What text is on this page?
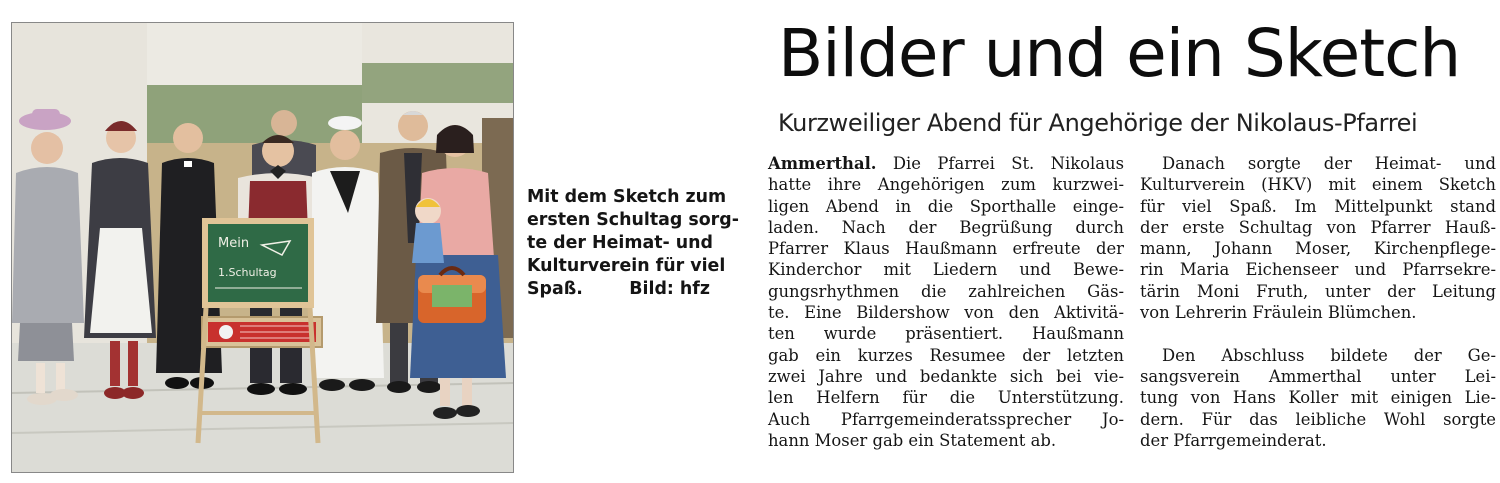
Mein
1.Schultag
Mit dem Sketch zum
ersten Schultag sorg-
te der Heimat- und
Kulturverein für viel
Spaß.	Bild: hfz
Bilder und ein Sketch
Kurzweiliger Abend für Angehörige der Nikolaus-Pfarrei
Ammerthal. Die Pfarrei St. Nikolaus
hatte ihre Angehörigen zum kurzwei-
ligen Abend in die Sporthalle einge-
laden. Nach der Begrüßung durch
Pfarrer Klaus Haußmann erfreute der
Kinderchor mit Liedern und Bewe-
gungsrhythmen die zahlreichen Gäs-
te. Eine Bildershow von den Aktivitä-
ten wurde präsentiert. Haußmann
gab ein kurzes Resumee der letzten
zwei Jahre und bedankte sich bei vie-
len Helfern für die Unterstützung.
Auch Pfarrgemeinderatssprecher Jo-
hann Moser gab ein Statement ab.
Danach sorgte der Heimat- und
Kulturverein (HKV) mit einem Sketch
für viel Spaß. Im Mittelpunkt stand
der erste Schultag von Pfarrer Hauß-
mann, Johann Moser, Kirchenpflege-
rin Maria Eichenseer und Pfarrsekre-
tärin Moni Fruth, unter der Leitung
von Lehrerin Fräulein Blümchen.
Den Abschluss bildete der Ge-
sangsverein Ammerthal unter Lei-
tung von Hans Koller mit einigen Lie-
dern. Für das leibliche Wohl sorgte
der Pfarrgemeinderat.
